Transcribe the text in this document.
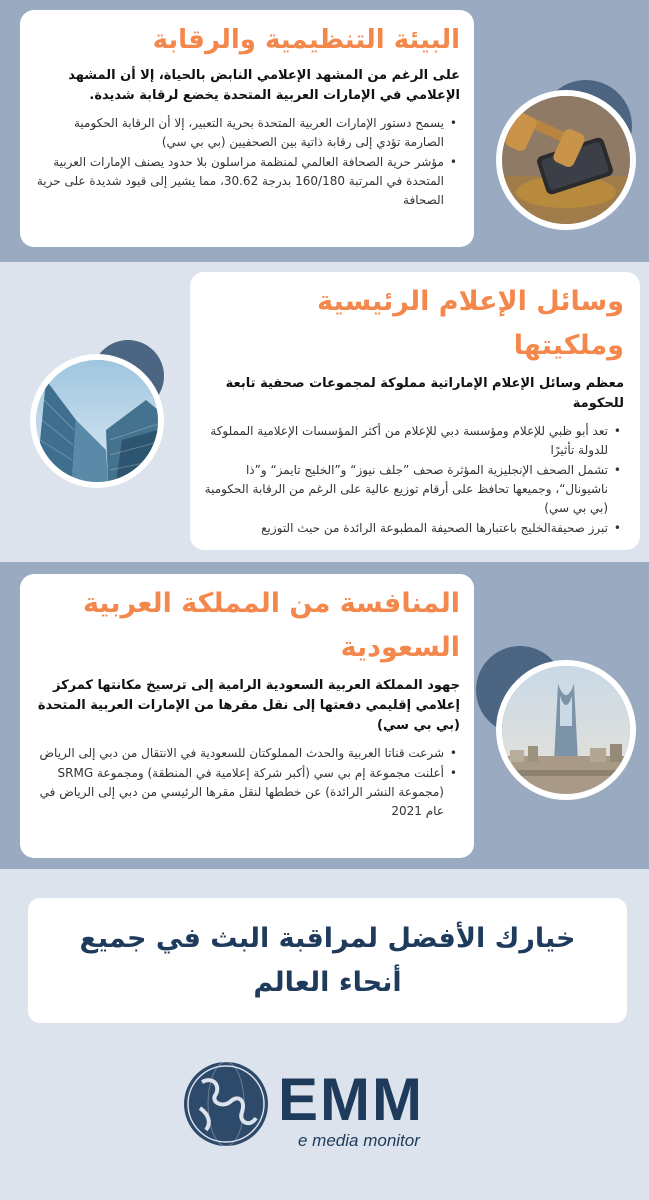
البيئة التنظيمية والرقابة

على الرغم من المشهد الإعلامي النابض بالحياة، إلا أن المشهد الإعلامي في الإمارات العربية المتحدة يخضع لرقابة شديدة.

• يسمح دستور الإمارات العربية المتحدة بحرية التعبير، إلا أن الرقابة الحكومية الصارمة تؤدي إلى رقابة ذاتية بين الصحفيين (بي بي سي)
• مؤشر حرية الصحافة العالمي لمنظمة مراسلون بلا حدود يصنف الإمارات العربية المتحدة في المرتبة 160/180 بدرجة 30.62، مما يشير إلى قيود شديدة على حرية الصحافة
وسائل الإعلام الرئيسية وملكيتها

معظم وسائل الإعلام الإماراتية مملوكة لمجموعات صحفية تابعة للحكومة

• تعد أبو ظبي للإعلام ومؤسسة دبي للإعلام من أكثر المؤسسات الإعلامية المملوكة للدولة تأثيرًا
• تشمل الصحف الإنجليزية المؤثرة صحف ”جلف نيوز“ و”الخليج تايمز“ و”ذا ناشيونال“، وجميعها تحافظ على أرقام توزيع عالية على الرغم من الرقابة الحكومية (بي بي سي)
• تبرز صحيفةالخليج باعتبارها الصحيفة المطبوعة الرائدة من حيث التوزيع
المنافسة من المملكة العربية السعودية

جهود المملكة العربية السعودية الرامية إلى ترسيخ مكانتها كمركز إعلامي إقليمي دفعتها إلى نقل مقرها من الإمارات العربية المتحدة (بي بي سي)

• شرعت قناتا العربية والحدث المملوكتان للسعودية في الانتقال من دبي إلى الرياض
• أعلنت مجموعة إم بي سي (أكبر شركة إعلامية في المنطقة) ومجموعة SRMG (مجموعة النشر الرائدة) عن خططها لنقل مقرها الرئيسي من دبي إلى الرياض في عام 2021

خيارك الأفضل لمراقبة البث في جميع أنحاء العالم

EMM
e media monitor
